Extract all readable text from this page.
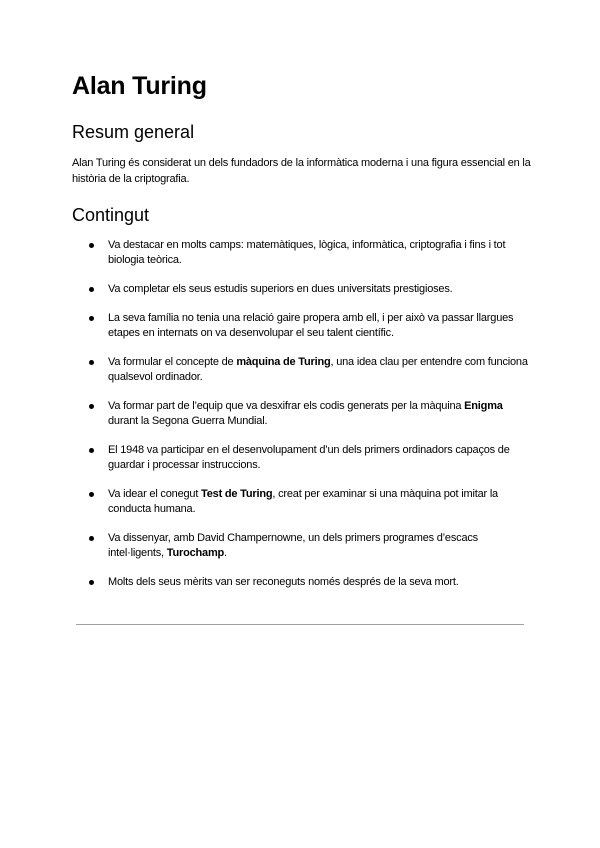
Alan Turing
Resum general

Alan Turing és considerat un dels fundadors de la informàtica moderna i una figura essencial en la història de la criptografia.

Contingut
Va destacar en molts camps: matemàtiques, lògica, informàtica, criptografia i fins i tot biologia teòrica.
Va completar els seus estudis superiors en dues universitats prestigioses.
La seva família no tenia una relació gaire propera amb ell, i per això va passar llargues etapes en internats on va desenvolupar el seu talent científic.
Va formular el concepte de màquina de Turing, una idea clau per entendre com funciona qualsevol ordinador.
Va formar part de l’equip que va desxifrar els codis generats per la màquina Enigma durant la Segona Guerra Mundial.
El 1948 va participar en el desenvolupament d’un dels primers ordinadors capaços de guardar i processar instruccions.
Va idear el conegut Test de Turing, creat per examinar si una màquina pot imitar la conducta humana.
Va dissenyar, amb David Champernowne, un dels primers programes d’escacs intel·ligents, Turochamp.
Molts dels seus mèrits van ser reconeguts només després de la seva mort.
